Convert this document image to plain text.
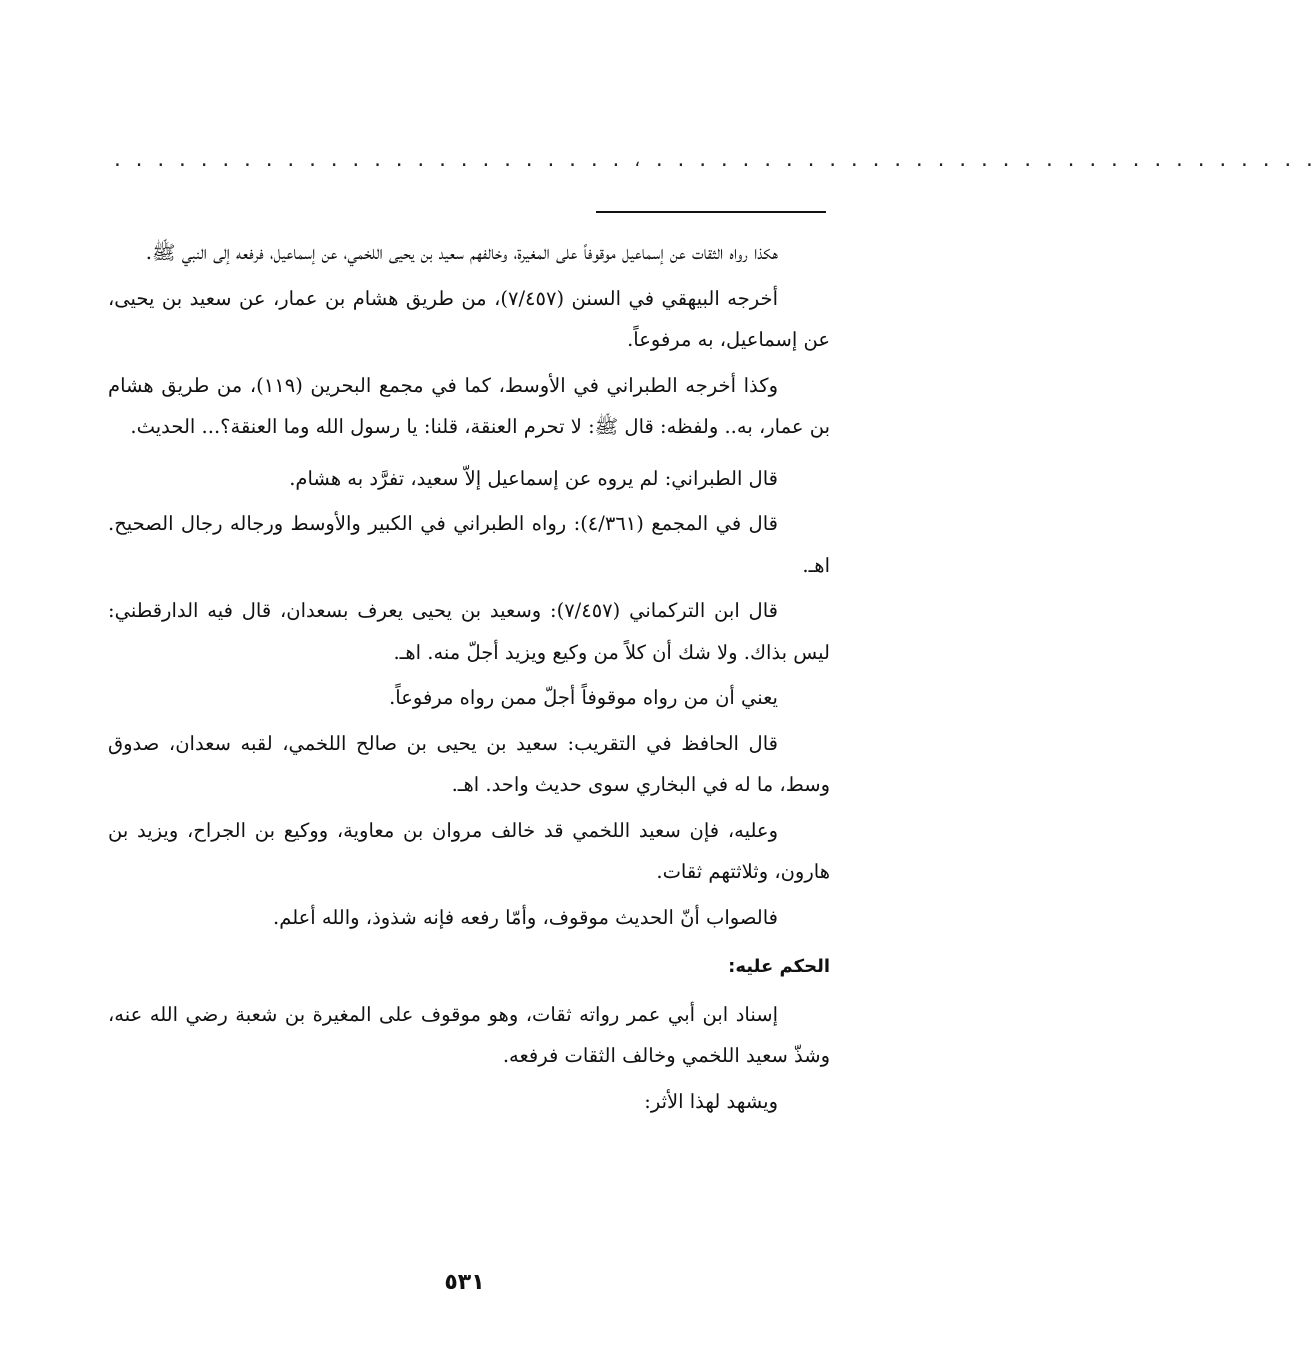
. . . . . . . . . . . . . . . . . . . . . . . . ، . . . . . . . . . . . . . . . . . . . . . . . . . . . . . . .

هكذا رواه الثقات عن إسماعيل موقوفاً على المغيرة، وخالفهم سعيد بن يحيى اللخمي، عن إسماعيل، فرفعه إلى النبي ﷺ.

أخرجه البيهقي في السنن (٧/٤٥٧)، من طريق هشام بن عمار، عن سعيد بن يحيى، عن إسماعيل، به مرفوعاً.

وكذا أخرجه الطبراني في الأوسط، كما في مجمع البحرين (١١٩)، من طريق هشام بن عمار، به.. ولفظه: قال ﷺ: لا تحرم العنقة، قلنا: يا رسول الله وما العنقة؟... الحديث.

قال الطبراني: لم يروه عن إسماعيل إلاّ سعيد، تفرَّد به هشام.

قال في المجمع (٤/٣٦١): رواه الطبراني في الكبير والأوسط ورجاله رجال الصحيح. اهـ.

قال ابن التركماني (٧/٤٥٧): وسعيد بن يحيى يعرف بسعدان، قال فيه الدارقطني: ليس بذاك. ولا شك أن كلاً من وكيع ويزيد أجلّ منه. اهـ.

يعني أن من رواه موقوفاً أجلّ ممن رواه مرفوعاً.

قال الحافظ في التقريب: سعيد بن يحيى بن صالح اللخمي، لقبه سعدان، صدوق وسط، ما له في البخاري سوى حديث واحد. اهـ.

وعليه، فإن سعيد اللخمي قد خالف مروان بن معاوية، ووكيع بن الجراح، ويزيد بن هارون، وثلاثتهم ثقات.

فالصواب أنّ الحديث موقوف، وأمّا رفعه فإنه شذوذ، والله أعلم.

الحكم عليه:

إسناد ابن أبي عمر رواته ثقات، وهو موقوف على المغيرة بن شعبة رضي الله عنه، وشذّ سعيد اللخمي وخالف الثقات فرفعه.

ويشهد لهذا الأثر:

٥٣١
